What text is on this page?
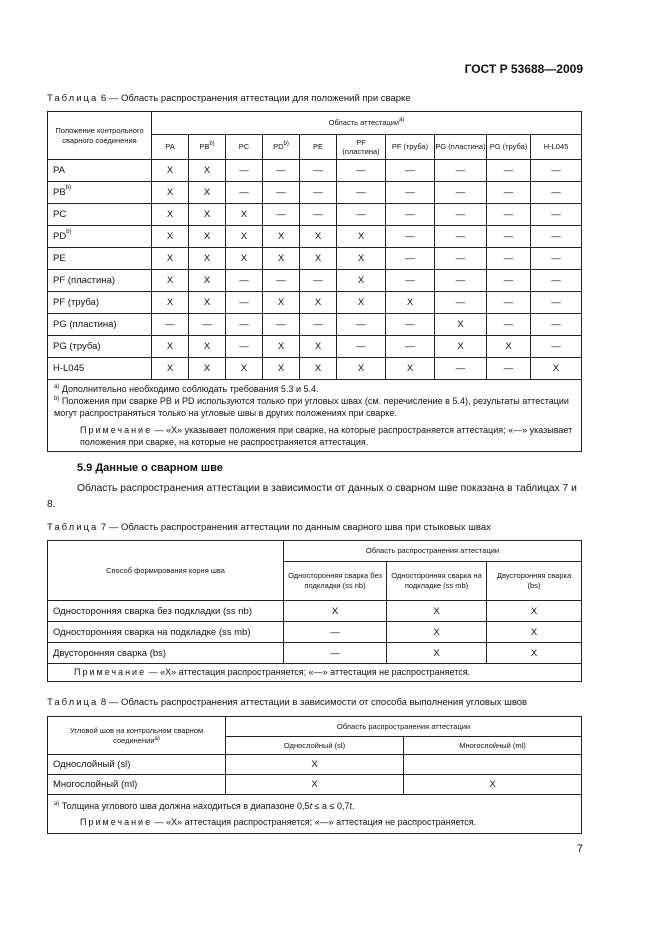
ГОСТ Р 53688—2009
Таблица 6 — Область распространения аттестации для положений при сварке
Положение контрольного сварного соединения	Область аттестации$^{a)}$
	PA	PB$^{b)}$	PC	PD$^{b)}$	PE	PF (пластина)	PF (труба)	PG (пластина)	PG (труба)	H-L045
PA	X	X	—	—	—	—	—	—	—	—
PB$^{b)}$	X	X	—	—	—	—	—	—	—	—
PC	X	X	X	—	—	—	—	—	—	—
PD$^{b)}$	X	X	X	X	X	X	—	—	—	—
PE	X	X	X	X	X	X	—	—	—	—
PF (пластина)	X	X	—	—	—	X	—	—	—	—
PF (труба)	X	X	—	X	X	X	X	—	—	—
PG (пластина)	—	—	—	—	—	—	—	X	—	—
PG (труба)	X	X	—	X	X	—	—	X	X	—
H-L045	X	X	X	X	X	X	X	—	—	X
$^{a)}$ Дополнительно необходимо соблюдать требования 5.3 и 5.4.
$^{b)}$ Положения при сварке PB и PD используются только при угловых швах (см. перечисление в 5.4), результаты аттестации могут распространяться только на угловые швы в других положениях при сварке.
Примечание — «X» указывает положения при сварке, на которые распространяется аттестация; «—» указывает положения при сварке, на которые не распространяется аттестация.										
5.9 Данные о сварном шве
Область распространения аттестации в зависимости от данных о сварном шве показана в таблицах 7 и 8.
Таблица 7 — Область распространения аттестации по данным сварного шва при стыковых швах
Способ формирования корня шва	Область распространения аттестации		
	Односторонняя сварка без подкладки (ss nb)	Односторонняя сварка на подкладке (ss mb)	Двусторонняя сварка (bs)
Односторонняя сварка без подкладки (ss nb)	X	X	X
Односторонняя сварка на подкладке (ss mb)	—	X	X
Двусторонняя сварка (bs)	—	X	X
Примечание — «X» аттестация распространяется; «—» аттестация не распространяется.			
Таблица 8 — Область распространения аттестации в зависимости от способа выполнения угловых швов
Угловой шов на контрольном сварном соединении$^{a)}$	Область распространения аттестации	
	Однослойный (sl)	Многослойный (ml)
Однослойный (sl)	X	
Многослойный (ml)	X	X
$^{a)}$ Толщина углового шва должна находиться в диапазоне 0,5t ≤ a ≤ 0,7t.
Примечание — «X» аттестация распространяется; «—» аттестация не распространяется.		
7
